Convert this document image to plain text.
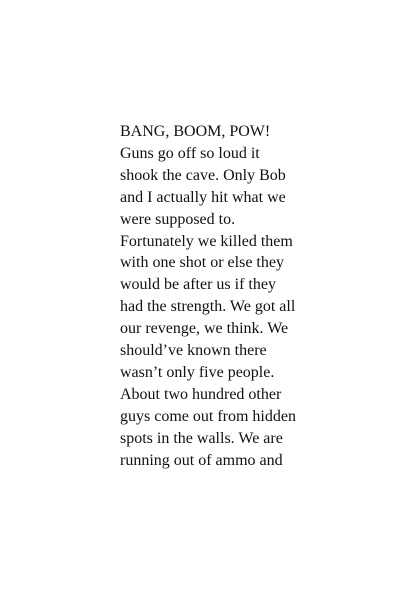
BANG, BOOM, POW!
Guns go off so loud it
shook the cave. Only Bob
and I actually hit what we
were supposed to.
Fortunately we killed them
with one shot or else they
would be after us if they
had the strength. We got all
our revenge, we think. We
should’ve known there
wasn’t only five people.
About two hundred other
guys come out from hidden
spots in the walls. We are
running out of ammo and
